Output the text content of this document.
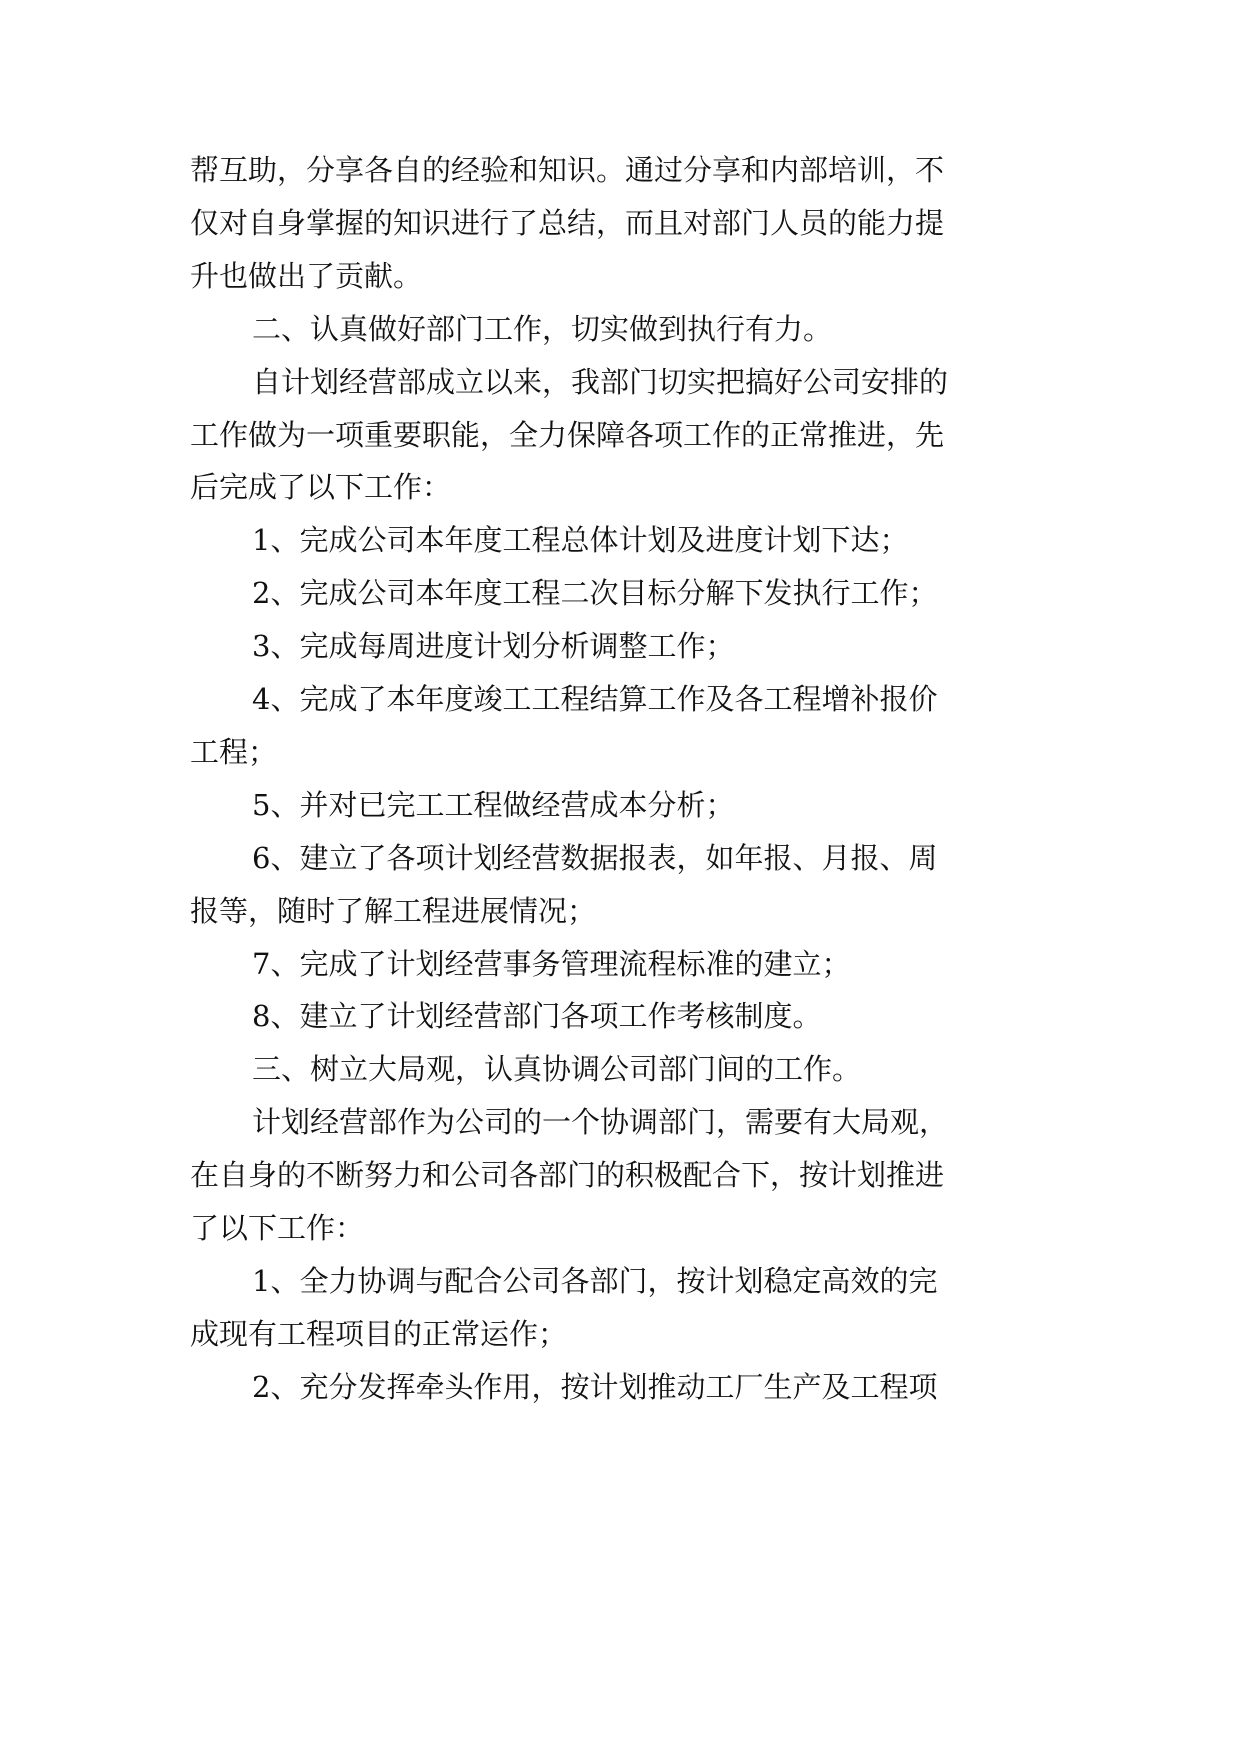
帮互助，分享各自的经验和知识。通过分享和内部培训，不
仅对自身掌握的知识进行了总结，而且对部门人员的能力提
升也做出了贡献。
二、认真做好部门工作，切实做到执行有力。
自计划经营部成立以来，我部门切实把搞好公司安排的
工作做为一项重要职能，全力保障各项工作的正常推进，先
后完成了以下工作：
1、完成公司本年度工程总体计划及进度计划下达；
2、完成公司本年度工程二次目标分解下发执行工作；
3、完成每周进度计划分析调整工作；
4、完成了本年度竣工工程结算工作及各工程增补报价
工程；
5、并对已完工工程做经营成本分析；
6、建立了各项计划经营数据报表，如年报、月报、周
报等，随时了解工程进展情况；
7、完成了计划经营事务管理流程标准的建立；
8、建立了计划经营部门各项工作考核制度。
三、树立大局观，认真协调公司部门间的工作。
计划经营部作为公司的一个协调部门，需要有大局观，
在自身的不断努力和公司各部门的积极配合下，按计划推进
了以下工作：
1、全力协调与配合公司各部门，按计划稳定高效的完
成现有工程项目的正常运作；
2、充分发挥牵头作用，按计划推动工厂生产及工程项
